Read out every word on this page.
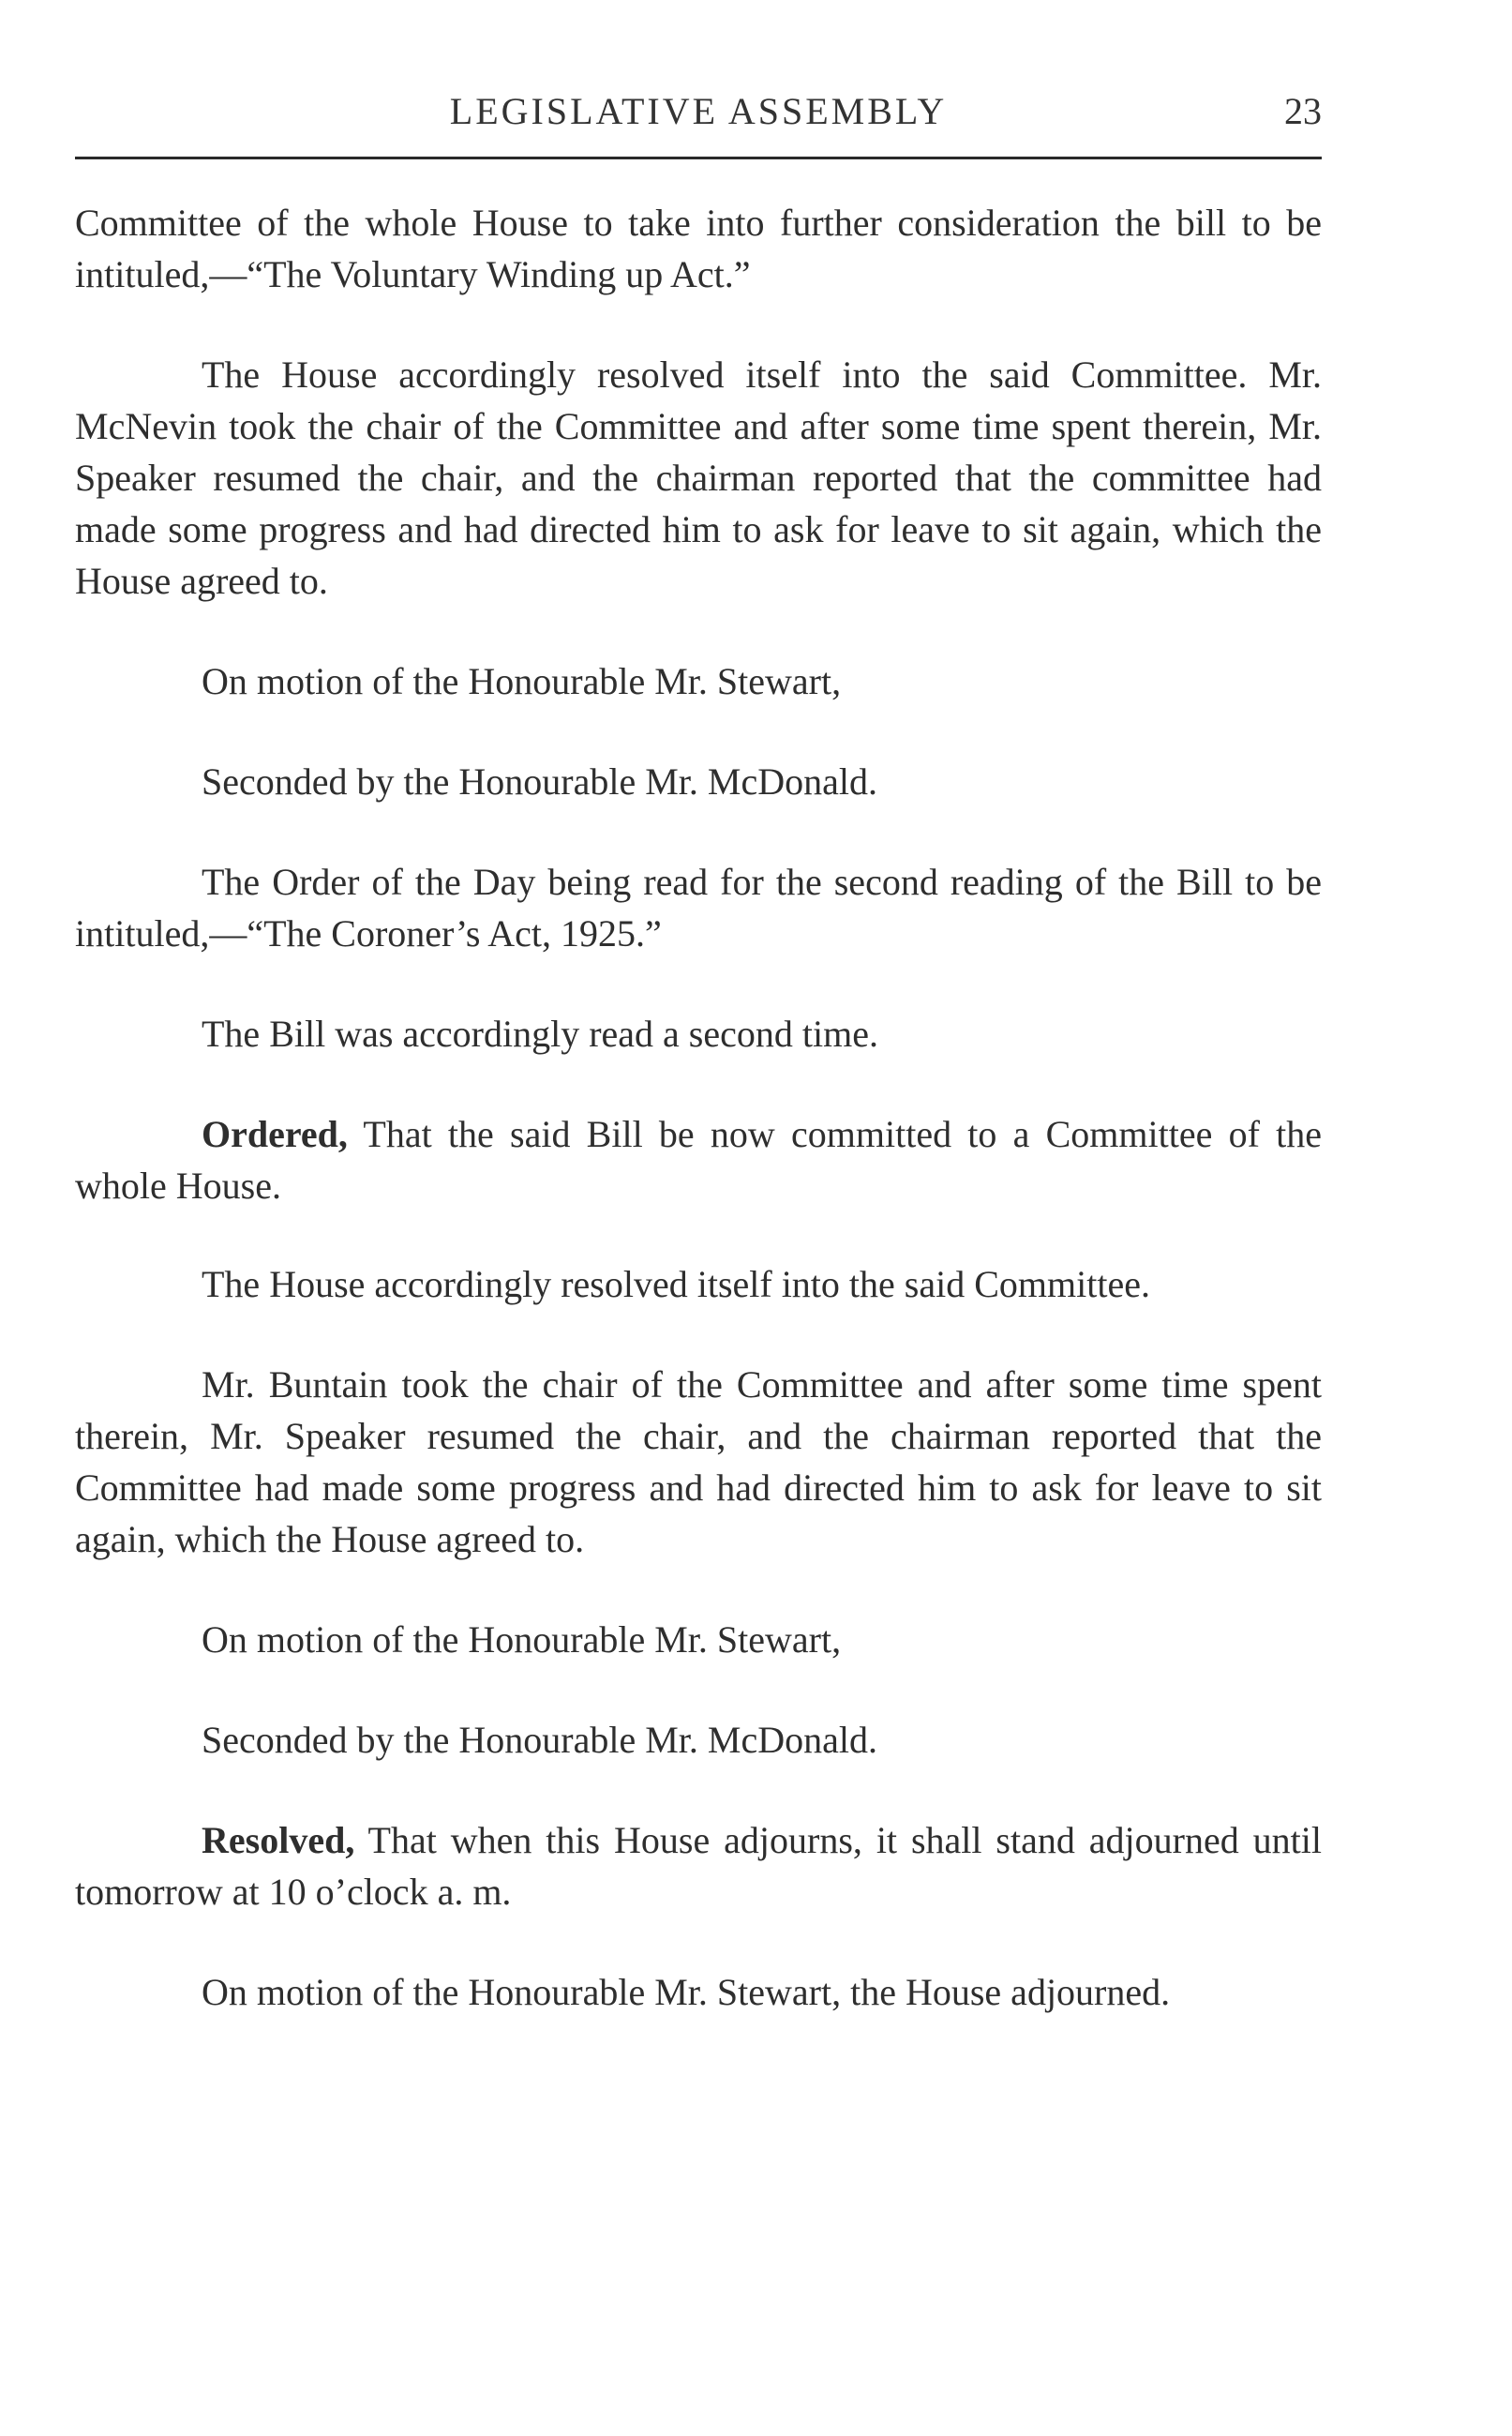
LEGISLATIVE ASSEMBLY	23

Committee of the whole House to take into further consideration the bill to be intituled,—“The Voluntary Winding up Act.”

The House accordingly resolved itself into the said Committee. Mr. McNevin took the chair of the Committee and after some time spent therein, Mr. Speaker resumed the chair, and the chairman reported that the committee had made some progress and had directed him to ask for leave to sit again, which the House agreed to.

On motion of the Honourable Mr. Stewart,

Seconded by the Honourable Mr. McDonald.

The Order of the Day being read for the second reading of the Bill to be intituled,—“The Coroner’s Act, 1925.”

The Bill was accordingly read a second time.

Ordered, That the said Bill be now committed to a Committee of the whole House.

The House accordingly resolved itself into the said Committee.

Mr. Buntain took the chair of the Committee and after some time spent therein, Mr. Speaker resumed the chair, and the chairman reported that the Committee had made some progress and had directed him to ask for leave to sit again, which the House agreed to.

On motion of the Honourable Mr. Stewart,

Seconded by the Honourable Mr. McDonald.

Resolved, That when this House adjourns, it shall stand adjourned until tomorrow at 10 o’clock a. m.

On motion of the Honourable Mr. Stewart, the House adjourned.
